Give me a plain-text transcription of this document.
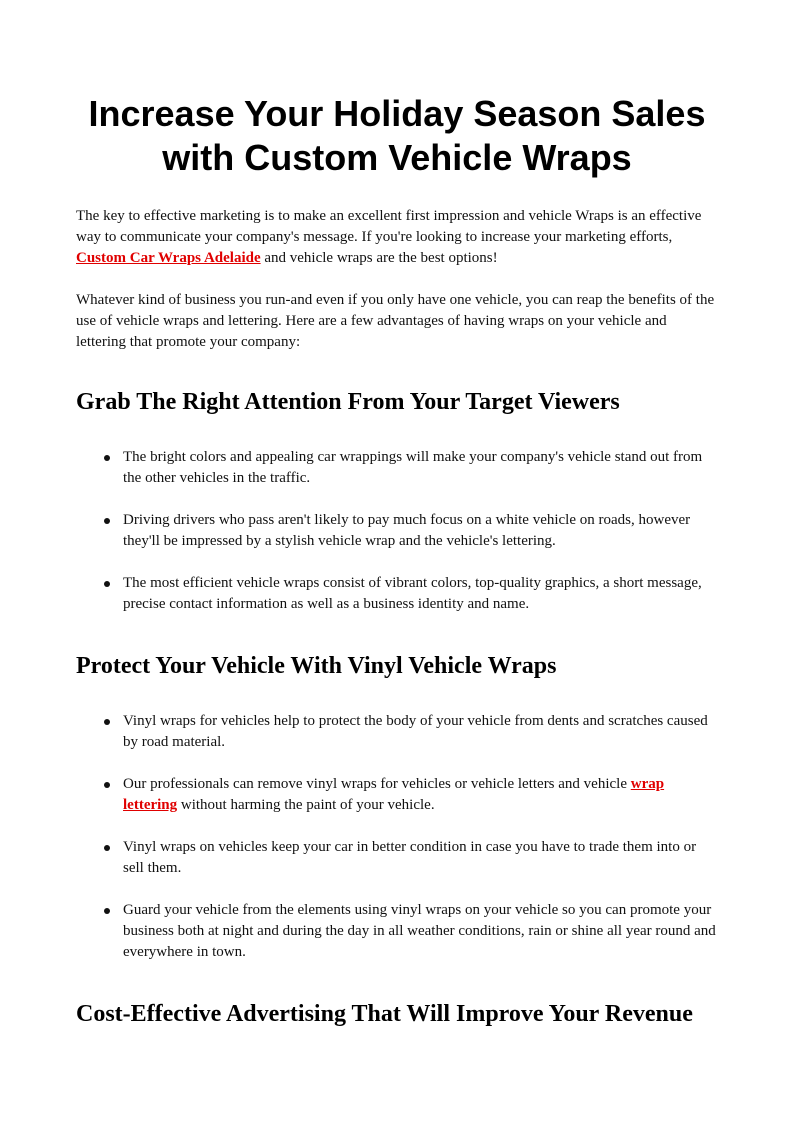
Increase Your Holiday Season Sales with Custom Vehicle Wraps

The key to effective marketing is to make an excellent first impression and vehicle Wraps is an effective way to communicate your company's message. If you're looking to increase your marketing efforts, Custom Car Wraps Adelaide and vehicle wraps are the best options!

Whatever kind of business you run-and even if you only have one vehicle, you can reap the benefits of the use of vehicle wraps and lettering. Here are a few advantages of having wraps on your vehicle and lettering that promote your company:

Grab The Right Attention From Your Target Viewers
The bright colors and appealing car wrappings will make your company's vehicle stand out from the other vehicles in the traffic.
Driving drivers who pass aren't likely to pay much focus on a white vehicle on roads, however they'll be impressed by a stylish vehicle wrap and the vehicle's lettering.
The most efficient vehicle wraps consist of vibrant colors, top-quality graphics, a short message, precise contact information as well as a business identity and name.
Protect Your Vehicle With Vinyl Vehicle Wraps
Vinyl wraps for vehicles help to protect the body of your vehicle from dents and scratches caused by road material.
Our professionals can remove vinyl wraps for vehicles or vehicle letters and vehicle wrap lettering without harming the paint of your vehicle.
Vinyl wraps on vehicles keep your car in better condition in case you have to trade them into or sell them.
Guard your vehicle from the elements using vinyl wraps on your vehicle so you can promote your business both at night and during the day in all weather conditions, rain or shine all year round and everywhere in town.
Cost-Effective Advertising That Will Improve Your Revenue
